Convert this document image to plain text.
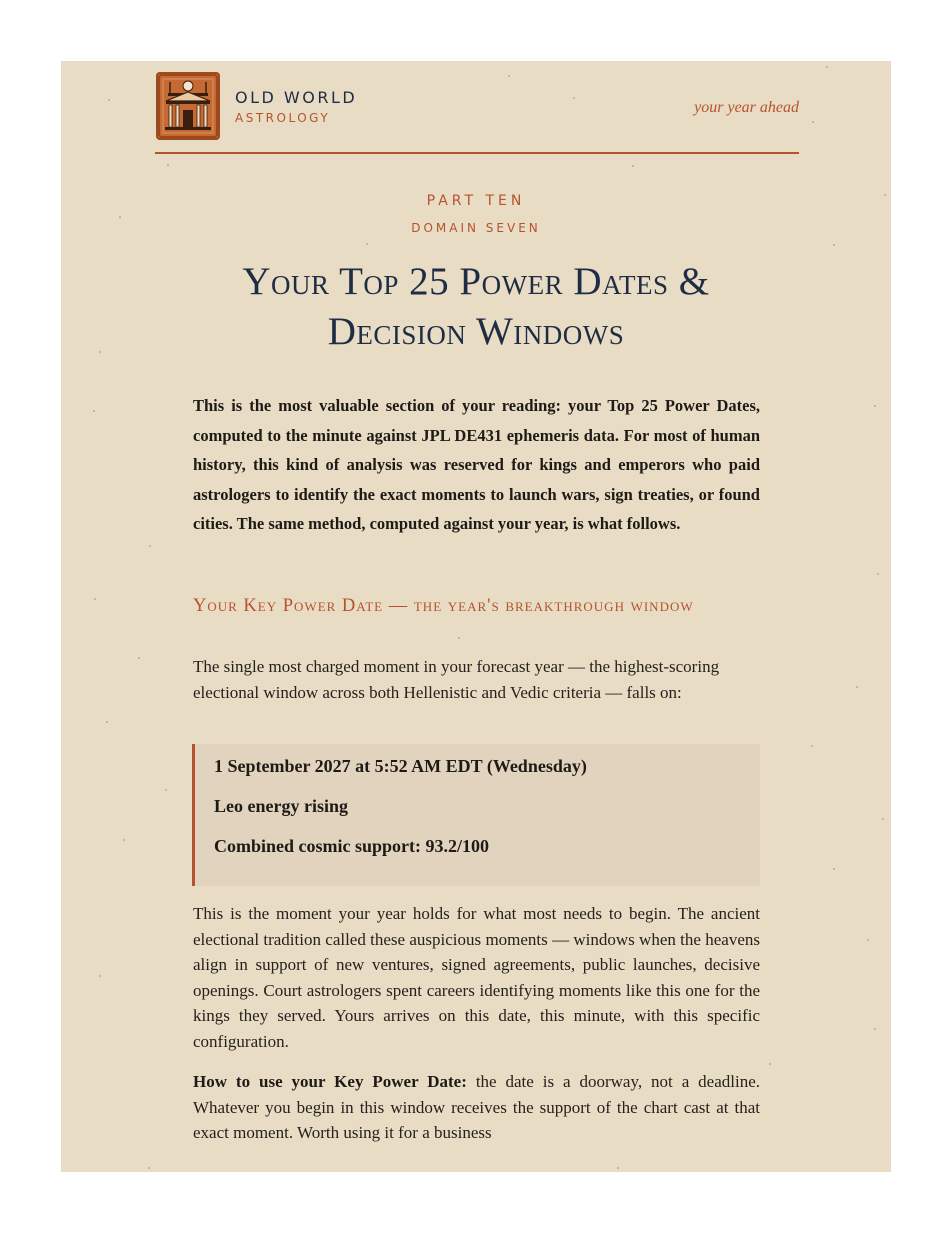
OLD WORLD
ASTROLOGY
your year ahead
PART TEN
DOMAIN SEVEN
Your Top 25 Power Dates &
Decision Windows
This is the most valuable section of your reading: your Top 25 Power Dates, computed to the minute against JPL DE431 ephemeris data. For most of human history, this kind of analysis was reserved for kings and emperors who paid astrologers to identify the exact moments to launch wars, sign treaties, or found cities. The same method, computed against your year, is what follows.
Your Key Power Date — the year's breakthrough window
The single most charged moment in your forecast year — the highest-scoring electional window across both Hellenistic and Vedic criteria — falls on:
1 September 2027 at 5:52 AM EDT (Wednesday)
Leo energy rising
Combined cosmic support: 93.2/100
This is the moment your year holds for what most needs to begin. The ancient electional tradition called these auspicious moments — windows when the heavens align in support of new ventures, signed agreements, public launches, decisive openings. Court astrologers spent careers identifying moments like this one for the kings they served. Yours arrives on this date, this minute, with this specific configuration.
How to use your Key Power Date: the date is a doorway, not a deadline. Whatever you begin in this window receives the support of the chart cast at that exact moment. Worth using it for a business
